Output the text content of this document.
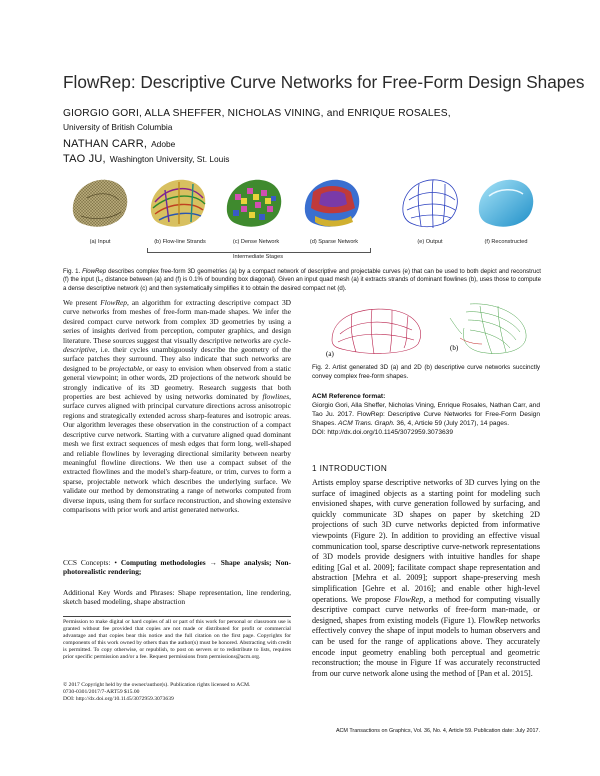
FlowRep: Descriptive Curve Networks for Free-Form Design Shapes
GIORGIO GORI, ALLA SHEFFER, NICHOLAS VINING, and ENRIQUE ROSALES,
University of British Columbia
NATHAN CARR, Adobe
TAO JU, Washington University, St. Louis
(a) Input	(b) Flow-line Strands	(c) Dense Network	(d) Sparse Network	(e) Output	(f) Reconstructed
Intermediate Stages
Fig. 1. FlowRep describes complex free-form 3D geometries (a) by a compact network of descriptive and projectable curves (e) that can be used to both depict and reconstruct (f) the input (L₂ distance between (a) and (f) is 0.1% of bounding box diagonal). Given an input quad mesh (a) it extracts strands of dominant flowlines (b), uses those to compute a dense descriptive network (c) and then systematically simplifies it to obtain the desired compact net (d).
We present FlowRep, an algorithm for extracting descriptive compact 3D curve networks from meshes of free-form man-made shapes. We infer the desired compact curve network from complex 3D geometries by using a series of insights derived from perception, computer graphics, and design literature. These sources suggest that visually descriptive networks are cycle-descriptive, i.e. their cycles unambiguously describe the geometry of the surface patches they surround. They also indicate that such networks are designed to be projectable, or easy to envision when observed from a static general viewpoint; in other words, 2D projections of the network should be strongly indicative of its 3D geometry. Research suggests that both properties are best achieved by using networks dominated by flowlines, surface curves aligned with principal curvature directions across anisotropic regions and strategically extended across sharp-features and isotropic areas. Our algorithm leverages these observation in the construction of a compact descriptive curve network. Starting with a curvature aligned quad dominant mesh we first extract sequences of mesh edges that form long, well-shaped and reliable flowlines by leveraging directional similarity between nearby meaningful flowline directions. We then use a compact subset of the extracted flowlines and the model's sharp-feature, or trim, curves to form a sparse, projectable network which describes the underlying surface. We validate our method by demonstrating a range of networks computed from diverse inputs, using them for surface reconstruction, and showing extensive comparisons with prior work and artist generated networks.
CCS Concepts: • Computing methodologies → Shape analysis; Non-photorealistic rendering;
Additional Key Words and Phrases: Shape representation, line rendering, sketch based modeling, shape abstraction
Permission to make digital or hard copies of all or part of this work for personal or classroom use is granted without fee provided that copies are not made or distributed for profit or commercial advantage and that copies bear this notice and the full citation on the first page. Copyrights for components of this work owned by others than the author(s) must be honored. Abstracting with credit is permitted. To copy otherwise, or republish, to post on servers or to redistribute to lists, requires prior specific permission and/or a fee. Request permissions from permissions@acm.org.
© 2017 Copyright held by the owner/author(s). Publication rights licensed to ACM.
0730-0301/2017/7-ART59 $15.00
DOI: http://dx.doi.org/10.1145/3072959.3073639
(a)
(b)
Fig. 2. Artist generated 3D (a) and 2D (b) descriptive curve networks succinctly convey complex free-form shapes.
ACM Reference format:
Giorgio Gori, Alla Sheffer, Nicholas Vining, Enrique Rosales, Nathan Carr, and Tao Ju. 2017. FlowRep: Descriptive Curve Networks for Free-Form Design Shapes. ACM Trans. Graph. 36, 4, Article 59 (July 2017), 14 pages.
DOI: http://dx.doi.org/10.1145/3072959.3073639
1 INTRODUCTION
Artists employ sparse descriptive networks of 3D curves lying on the surface of imagined objects as a starting point for modeling such envisioned shapes, with curve generation followed by surfacing, and quickly communicate 3D shapes on paper by sketching 2D projections of such 3D curve networks depicted from informative viewpoints (Figure 2). In addition to providing an effective visual communication tool, sparse descriptive curve-network representations of 3D models provide designers with intuitive handles for shape editing [Gal et al. 2009]; facilitate compact shape representation and abstraction [Mehra et al. 2009]; support shape-preserving mesh simplification [Gehre et al. 2016]; and enable other high-level operations. We propose FlowRep, a method for computing visually descriptive compact curve networks of free-form man-made, or designed, shapes from existing models (Figure 1). FlowRep networks effectively convey the shape of input models to human observers and can be used for the range of applications above. They accurately encode input geometry enabling both perceptual and geometric reconstruction; the mouse in Figure 1f was accurately reconstructed from our curve network alone using the method of [Pan et al. 2015].
ACM Transactions on Graphics, Vol. 36, No. 4, Article 59. Publication date: July 2017.
